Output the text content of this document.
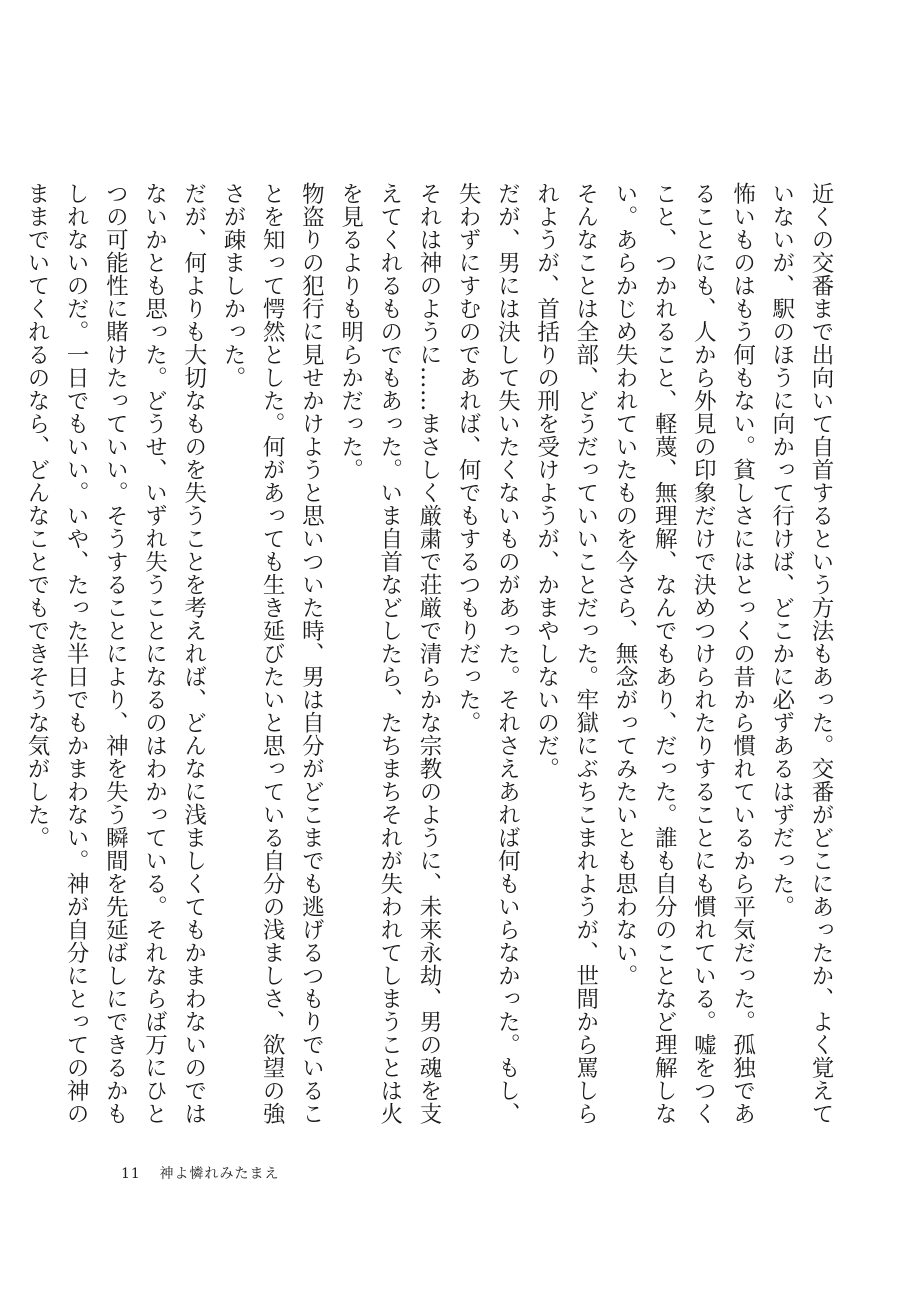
近くの交番まで出向いて自首するという方法もあった。交番がどこにあったか、よく覚えていないが、駅のほうに向かって行けば、どこかに必ずあるはずだった。

怖いものはもう何もない。貧しさにはとっくの昔から慣れているから平気だった。孤独であることにも、人から外見の印象だけで決めつけられたりすることにも慣れている。嘘をつくこと、つかれること、軽蔑、無理解、なんでもあり、だった。誰も自分のことなど理解しない。あらかじめ失われていたものを今さら、無念がってみたいとも思わない。

そんなことは全部、どうだっていいことだった。牢獄にぶちこまれようが、世間から罵しられようが、首括りの刑を受けようが、かまやしないのだ。

だが、男には決して失いたくないものがあった。それさえあれば何もいらなかった。もし、失わずにすむのであれば、何でもするつもりだった。

それは神のように……まさしく厳粛で荘厳で清らかな宗教のように、未来永劫、男の魂を支えてくれるものでもあった。いま自首などしたら、たちまちそれが失われてしまうことは火を見るよりも明らかだった。

物盗りの犯行に見せかけようと思いついた時、男は自分がどこまでも逃げるつもりでいることを知って愕然とした。何があっても生き延びたいと思っている自分の浅ましさ、欲望の強さが疎ましかった。

だが、何よりも大切なものを失うことを考えれば、どんなに浅ましくてもかまわないのではないかとも思った。どうせ、いずれ失うことになるのはわかっている。それならば万にひとつの可能性に賭けたっていい。そうすることにより、神を失う瞬間を先延ばしにできるかもしれないのだ。一日でもいい。いや、たった半日でもかまわない。神が自分にとっての神のままでいてくれるのなら、どんなことでもできそうな気がした。

11 神よ憐れみたまえ
